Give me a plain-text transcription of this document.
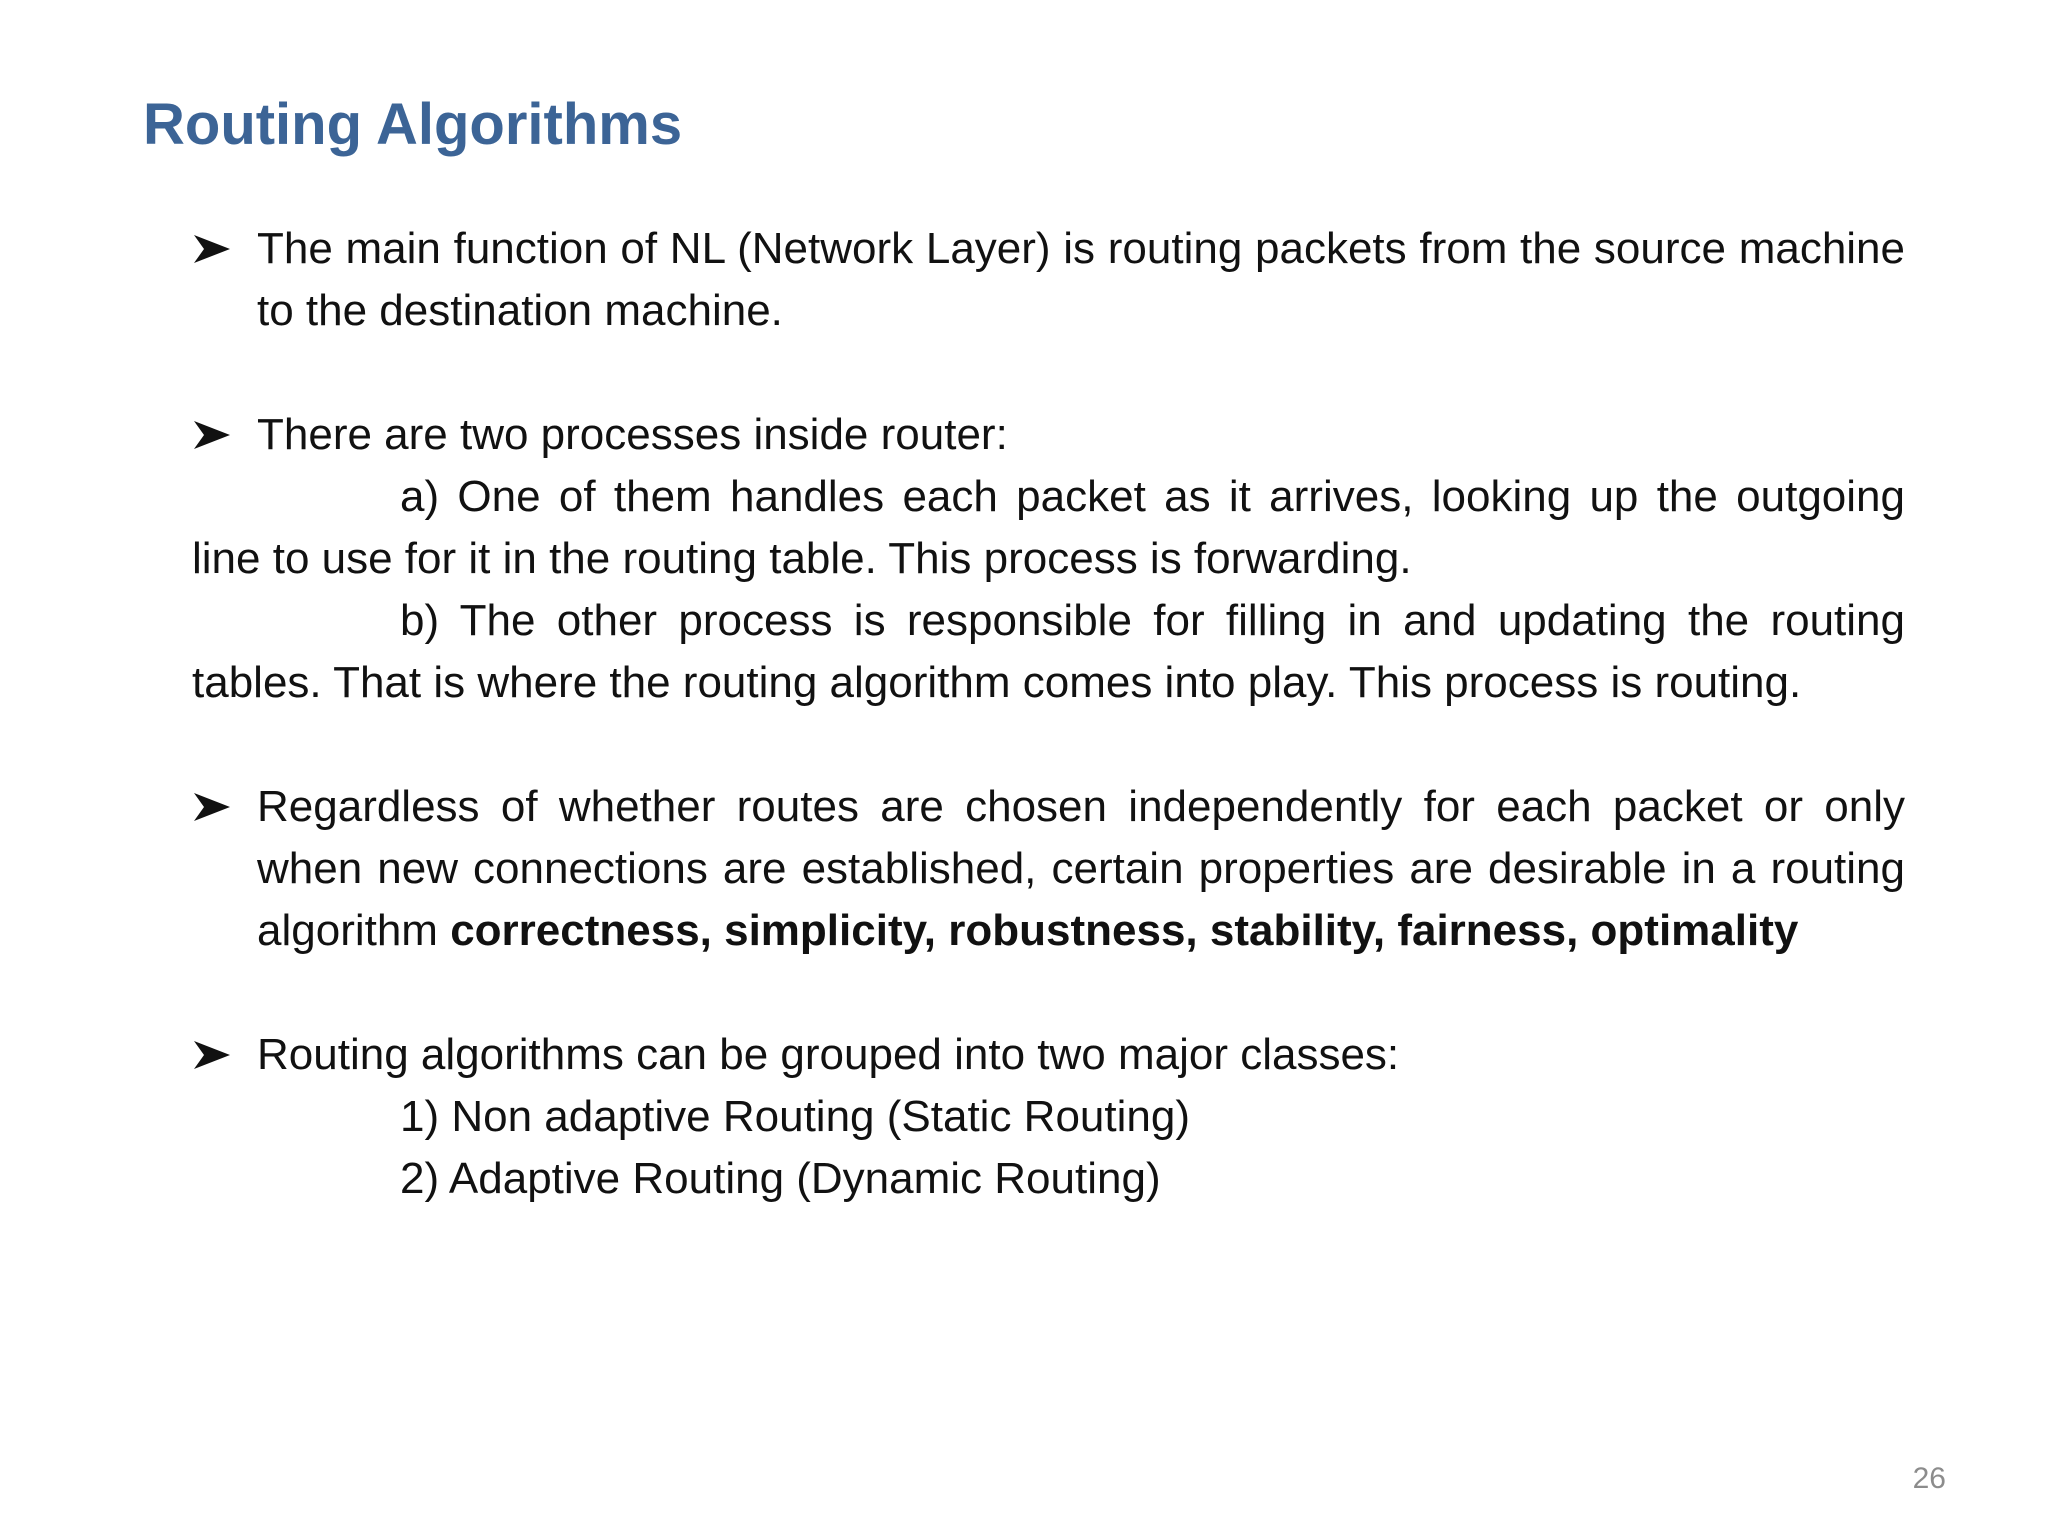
Routing Algorithms
The main function of NL (Network Layer) is routing packets from the source machine to the destination machine.
There are two processes inside router:
a) One of them handles each packet as it arrives, looking up the outgoing line to use for it in the routing table. This process is forwarding.
b) The other process is responsible for filling in and updating the routing tables. That is where the routing algorithm comes into play. This process is routing.
Regardless of whether routes are chosen independently for each packet or only when new connections are established, certain properties are desirable in a routing algorithm correctness, simplicity, robustness, stability, fairness, optimality
Routing algorithms can be grouped into two major classes:
1) Non adaptive Routing (Static Routing)
2) Adaptive Routing (Dynamic Routing)
26
